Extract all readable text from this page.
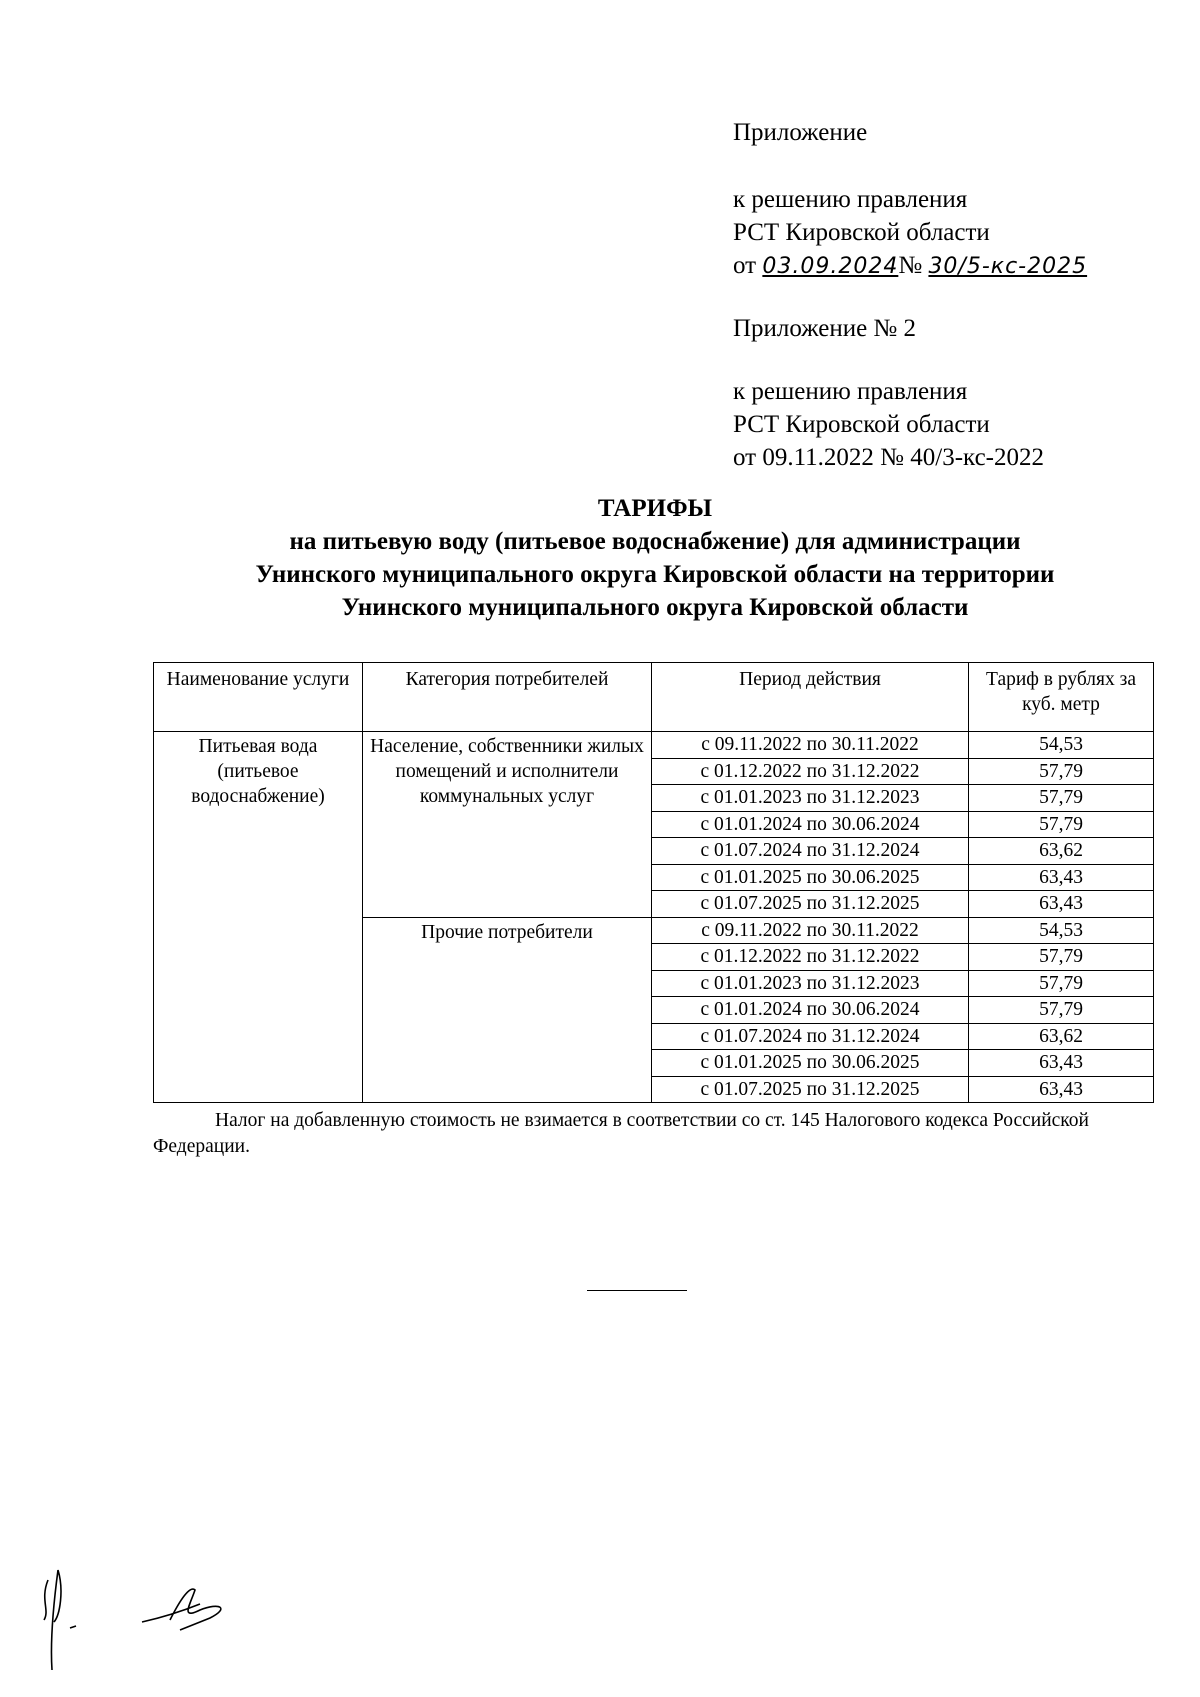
Приложение
к решению правления
РСТ Кировской области
от 03.09.2024№ 30/5-кс-2025
Приложение № 2
к решению правления
РСТ Кировской области
от 09.11.2022 № 40/3-кс-2022
ТАРИФЫ
на питьевую воду (питьевое водоснабжение) для администрации
Унинского муниципального округа Кировской области на территории
Унинского муниципального округа Кировской области
Наименование услуги	Категория потребителей	Период действия	Тариф в рублях за куб. метр
Питьевая вода (питьевое водоснабжение)	Население, собственники жилых помещений и исполнители коммунальных услуг	с 09.11.2022 по 30.11.2022	54,53
		с 01.12.2022 по 31.12.2022	57,79
		с 01.01.2023 по 31.12.2023	57,79
		с 01.01.2024 по 30.06.2024	57,79
		с 01.07.2024 по 31.12.2024	63,62
		с 01.01.2025 по 30.06.2025	63,43
		с 01.07.2025 по 31.12.2025	63,43
	Прочие потребители	с 09.11.2022 по 30.11.2022	54,53
		с 01.12.2022 по 31.12.2022	57,79
		с 01.01.2023 по 31.12.2023	57,79
		с 01.01.2024 по 30.06.2024	57,79
		с 01.07.2024 по 31.12.2024	63,62
		с 01.01.2025 по 30.06.2025	63,43
		с 01.07.2025 по 31.12.2025	63,43
Налог на добавленную стоимость не взимается в соответствии со ст. 145 Налогового кодекса Российской Федерации.
